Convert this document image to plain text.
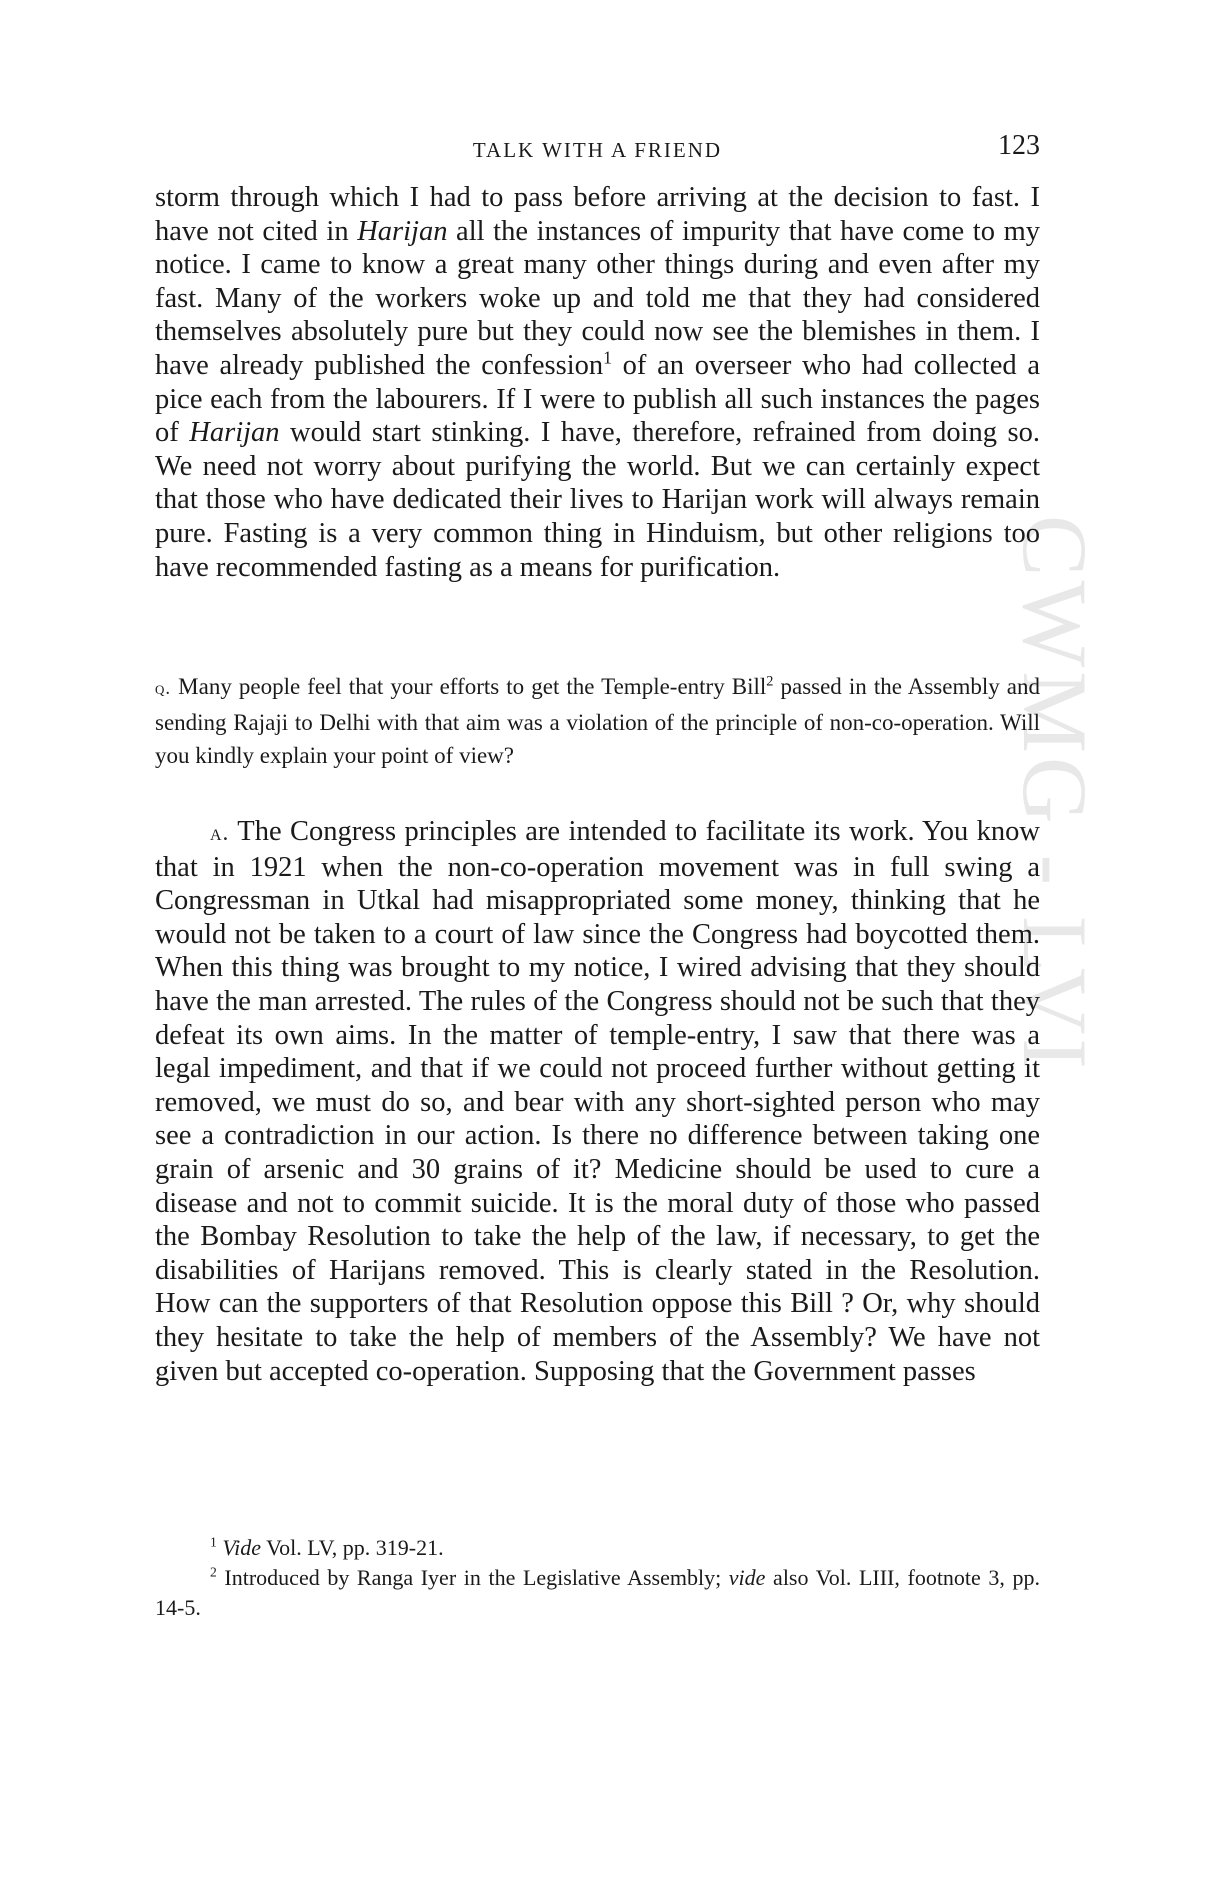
CWMG - LVI
TALK WITH A FRIEND	123

storm through which I had to pass before arriving at the decision to fast. I have not cited in Harijan all the instances of impurity that have come to my notice. I came to know a great many other things during and even after my fast. Many of the workers woke up and told me that they had considered themselves absolutely pure but they could now see the blemishes in them. I have already published the confession$^1$ of an overseer who had collected a pice each from the labourers. If I were to publish all such instances the pages of Harijan would start stinking. I have, therefore, refrained from doing so. We need not worry about purifying the world. But we can certainly expect that those who have dedicated their lives to Harijan work will always remain pure. Fasting is a very common thing in Hinduism, but other religions too have recommended fasting as a means for purification.

q. Many people feel that your efforts to get the Temple-entry Bill$^2$ passed in the Assembly and sending Rajaji to Delhi with that aim was a violation of the principle of non-co-operation. Will you kindly explain your point of view?

a. The Congress principles are intended to facilitate its work. You know that in 1921 when the non-co-operation movement was in full swing a Congressman in Utkal had misappropriated some money, thinking that he would not be taken to a court of law since the Congress had boycotted them. When this thing was brought to my notice, I wired advising that they should have the man arrested. The rules of the Congress should not be such that they defeat its own aims. In the matter of temple-entry, I saw that there was a legal impediment, and that if we could not proceed further without getting it removed, we must do so, and bear with any short-sighted person who may see a contradiction in our action. Is there no difference between taking one grain of arsenic and 30 grains of it? Medicine should be used to cure a disease and not to commit suicide. It is the moral duty of those who passed the Bombay Resolution to take the help of the law, if necessary, to get the disabilities of Harijans removed. This is clearly stated in the Resolution. How can the supporters of that Resolution oppose this Bill ? Or, why should they hesitate to take the help of members of the Assembly? We have not given but accepted co-operation. Supposing that the Government passes

$^1$ Vide Vol. LV, pp. 319-21.

$^2$ Introduced by Ranga Iyer in the Legislative Assembly; vide also Vol. LIII, footnote 3, pp. 14-5.
